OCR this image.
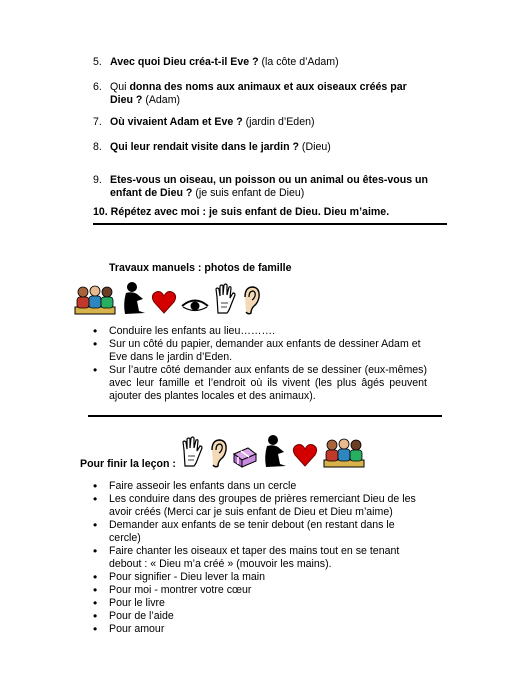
5. Avec quoi Dieu créa-t-il Eve ? (la côte d’Adam)
6. Qui donna des noms aux animaux et aux oiseaux créés par Dieu ? (Adam)
7. Où vivaient Adam et Eve ? (jardin d’Eden)
8. Qui leur rendait visite dans le jardin ? (Dieu)
9. Etes-vous un oiseau, un poisson ou un animal ou êtes-vous un enfant de Dieu ? (je suis enfant de Dieu)
10. Répétez avec moi : je suis enfant de Dieu. Dieu m’aime.
Travaux manuels : photos de famille
• Conduire les enfants au lieu……….
• Sur un côté du papier, demander aux enfants de dessiner Adam et Eve dans le jardin d’Eden.
• Sur l’autre côté demander aux enfants de se dessiner (eux-mêmes) avec leur famille et l’endroit où ils vivent (les plus âgés peuvent ajouter des plantes locales et des animaux).
Pour finir la leçon :
• Faire asseoir les enfants dans un cercle
• Les conduire dans des groupes de prières remerciant Dieu de les avoir créés (Merci car je suis enfant de Dieu et Dieu m’aime)
• Demander aux enfants de se tenir debout (en restant dans le cercle)
• Faire chanter les oiseaux et taper des mains tout en se tenant debout : « Dieu m’a créé » (mouvoir les mains).
• Pour signifier - Dieu lever la main
• Pour moi - montrer votre cœur
• Pour le livre
• Pour de l’aide
• Pour amour
